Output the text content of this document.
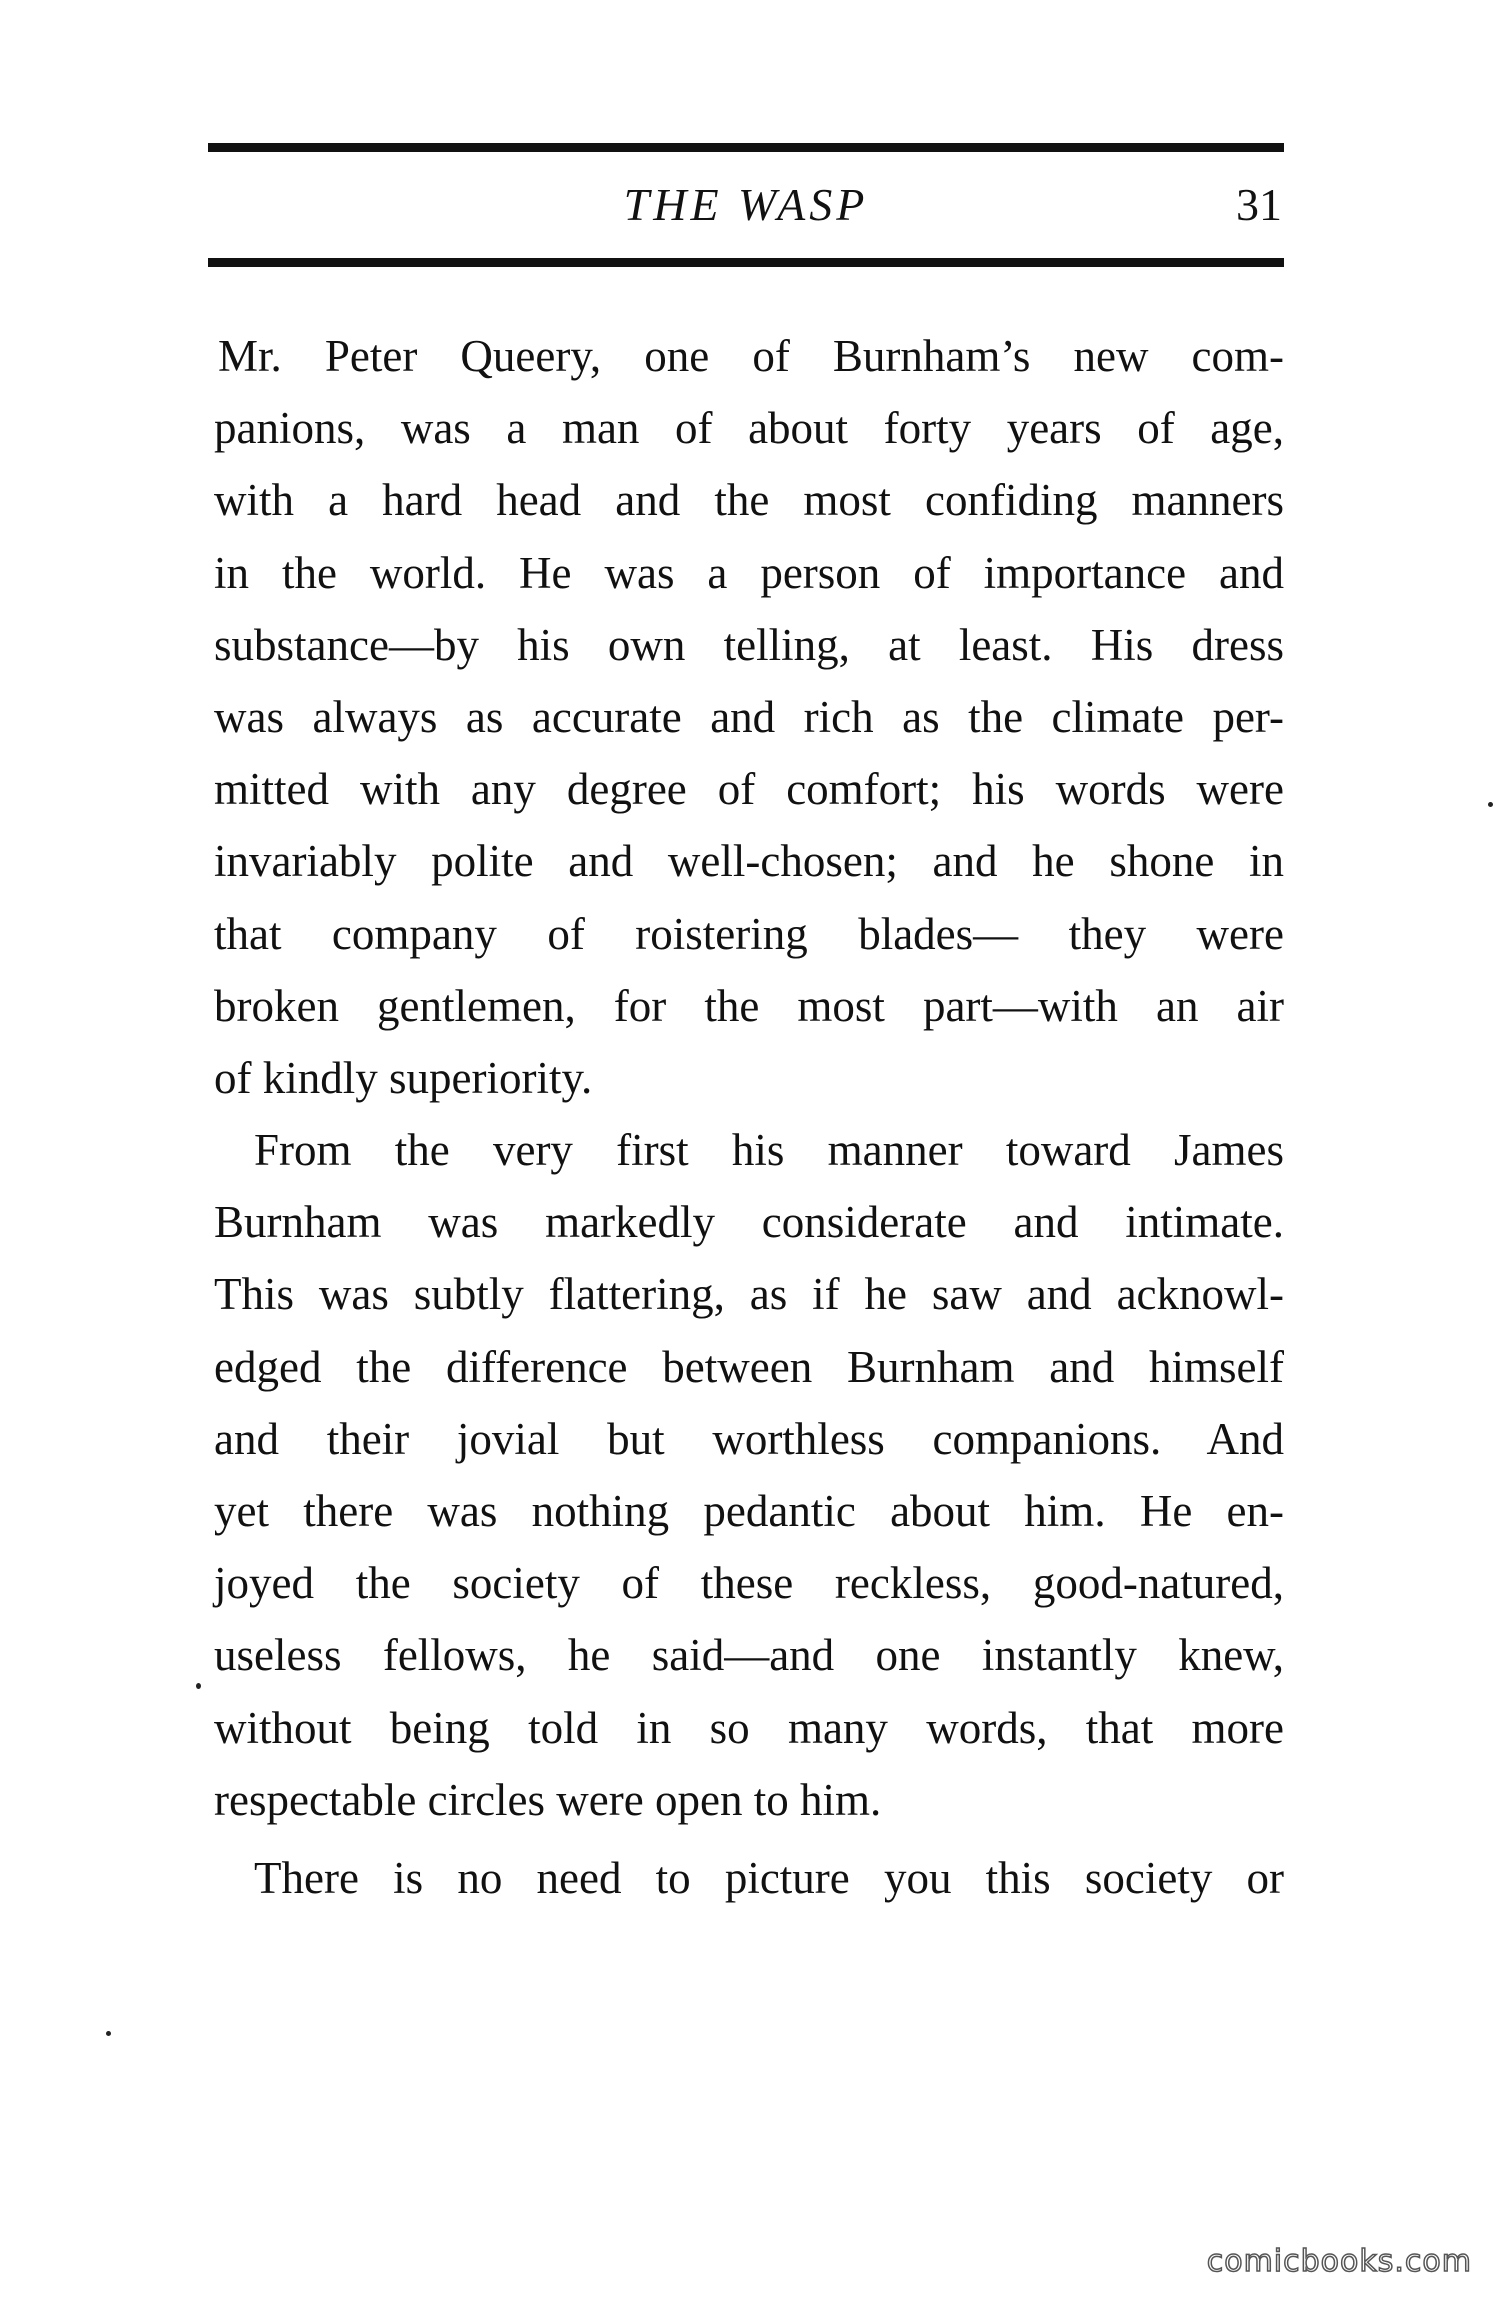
THE WASP	31
Mr. Peter Queery, one of Burnham’s new com-
panions, was a man of about forty years of age,
with a hard head and the most confiding manners
in the world. He was a person of importance and
substance—by his own telling, at least. His dress
was always as accurate and rich as the climate per-
mitted with any degree of comfort; his words were
invariably polite and well-chosen; and he shone in
that company of roistering blades— they were
broken gentlemen, for the most part—with an air
of kindly superiority.
From the very first his manner toward James
Burnham was markedly considerate and intimate.
This was subtly flattering, as if he saw and acknowl-
edged the difference between Burnham and himself
and their jovial but worthless companions. And
yet there was nothing pedantic about him. He en-
joyed the society of these reckless, good-natured,
useless fellows, he said—and one instantly knew,
without being told in so many words, that more
respectable circles were open to him.
There is no need to picture you this society or
comicbooks.com
